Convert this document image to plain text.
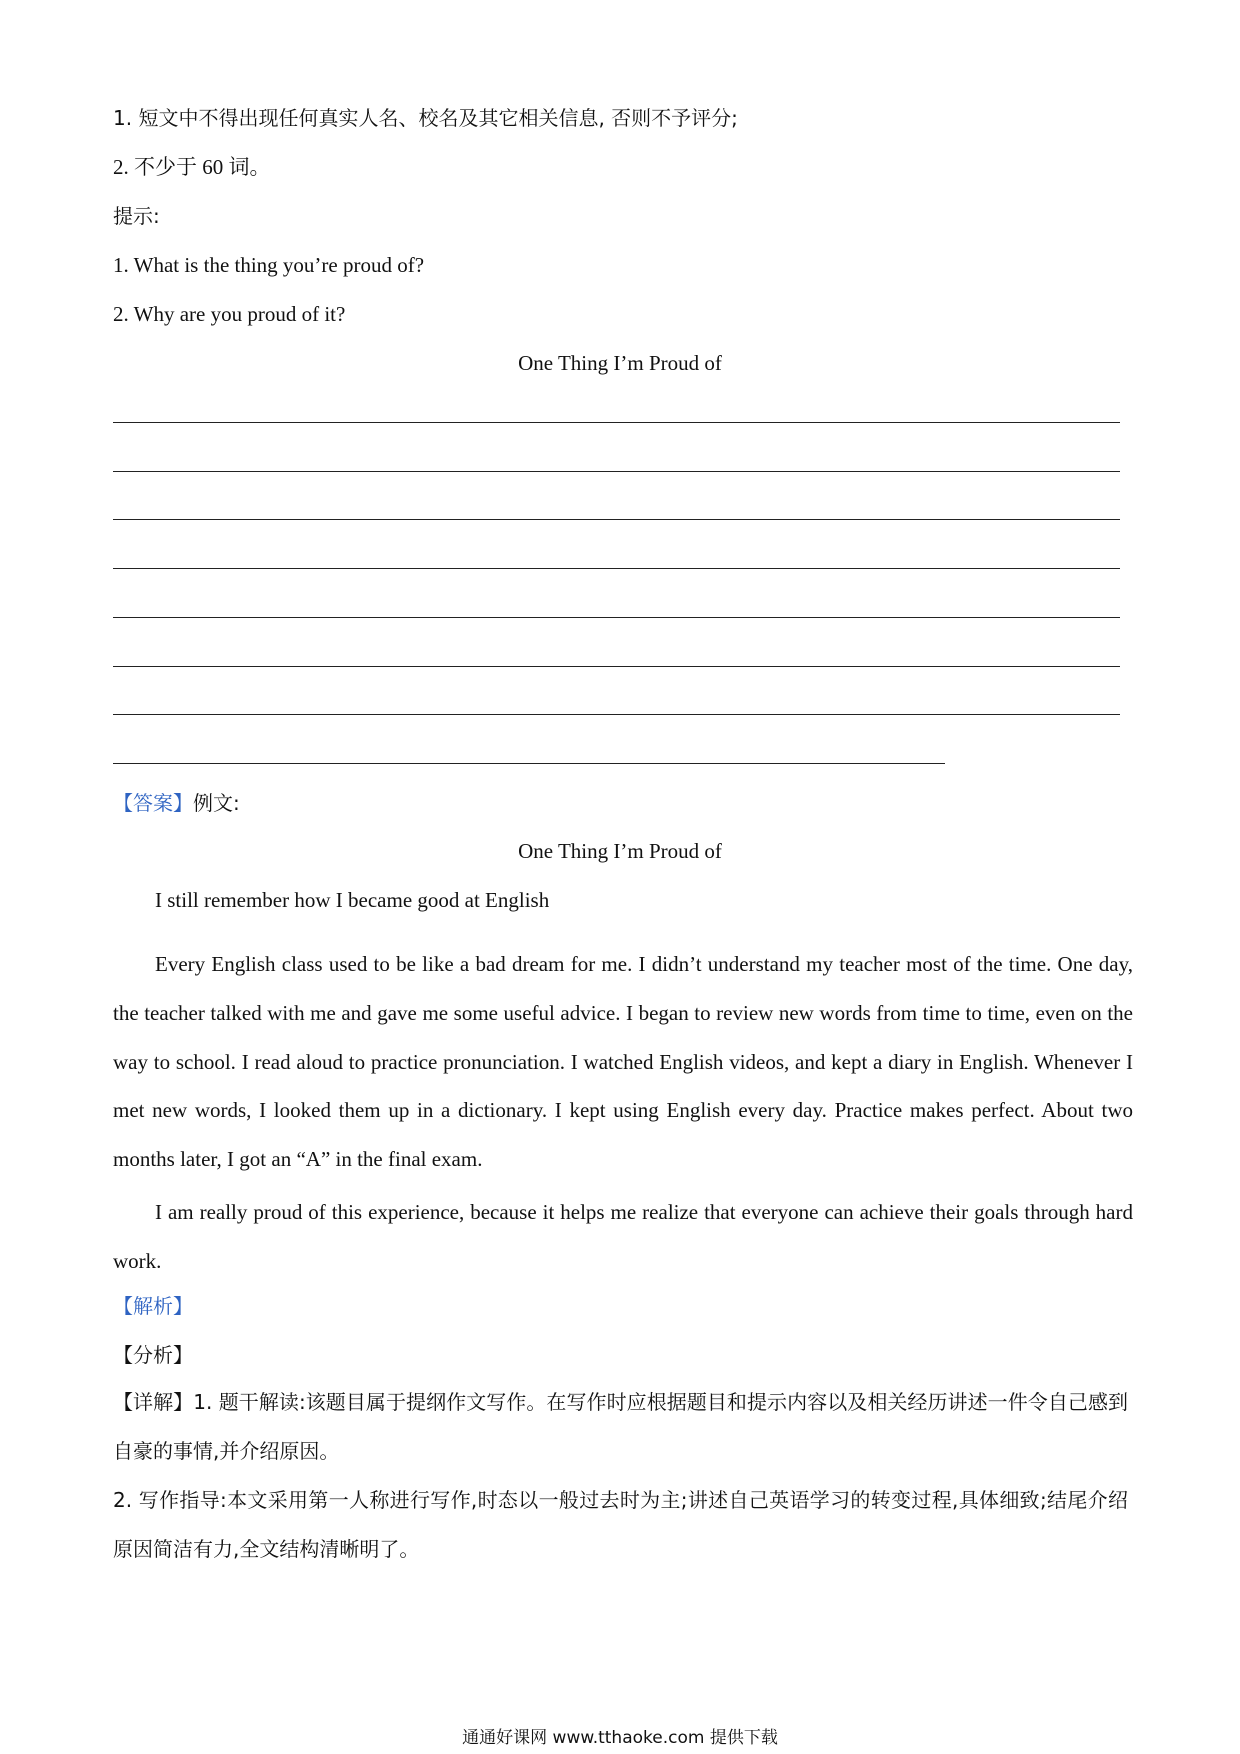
1. 短文中不得出现任何真实人名、校名及其它相关信息, 否则不予评分;

2. 不少于 60 词。

提示:

1. What is the thing you’re proud of?

2. Why are you proud of it?

One Thing I’m Proud of

【答案】例文:

One Thing I’m Proud of

I still remember how I became good at English

Every English class used to be like a bad dream for me. I didn’t understand my teacher most of the time. One day, the teacher talked with me and gave me some useful advice. I began to review new words from time to time, even on the way to school. I read aloud to practice pronunciation. I watched English videos, and kept a diary in English. Whenever I met new words, I looked them up in a dictionary. I kept using English every day. Practice makes perfect. About two months later, I got an “A” in the final exam.

I am really proud of this experience, because it helps me realize that everyone can achieve their goals through hard work.

【解析】

【分析】

【详解】1. 题干解读:该题目属于提纲作文写作。在写作时应根据题目和提示内容以及相关经历讲述一件令自己感到自豪的事情,并介绍原因。

2. 写作指导:本文采用第一人称进行写作,时态以一般过去时为主;讲述自己英语学习的转变过程,具体细致;结尾介绍原因简洁有力,全文结构清晰明了。

通通好课网 www.tthaoke.com 提供下载
